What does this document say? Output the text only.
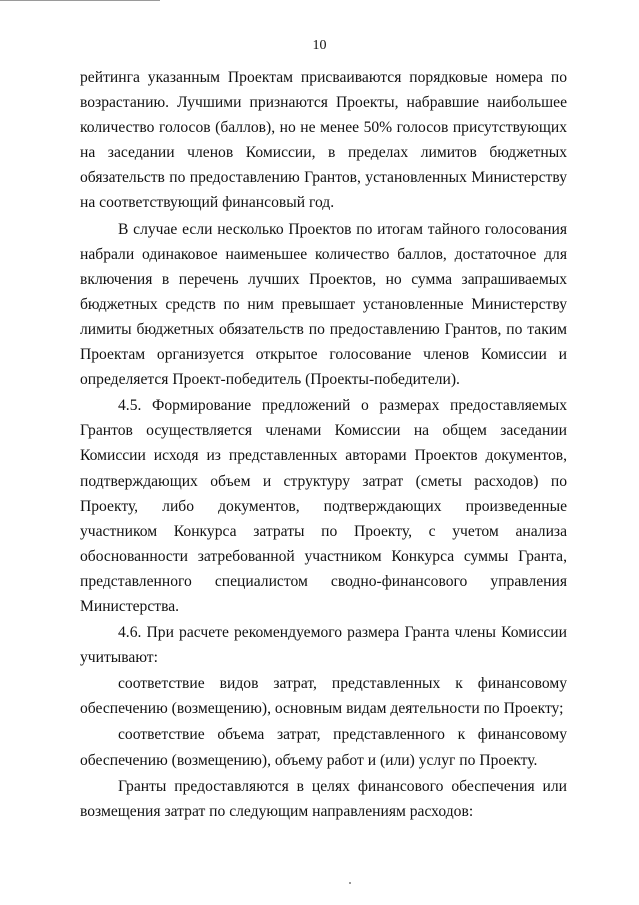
10

рейтинга указанным Проектам присваиваются порядковые номера по возрастанию. Лучшими признаются Проекты, набравшие наибольшее количество голосов (баллов), но не менее 50% голосов присутствующих на заседании членов Комиссии, в пределах лимитов бюджетных обязательств по предоставлению Грантов, установленных Министерству на соответствующий финансовый год.

В случае если несколько Проектов по итогам тайного голосования набрали одинаковое наименьшее количество баллов, достаточное для включения в перечень лучших Проектов, но сумма запрашиваемых бюджетных средств по ним превышает установленные Министерству лимиты бюджетных обязательств по предоставлению Грантов, по таким Проектам организуется открытое голосование членов Комиссии и определяется Проект-победитель (Проекты-победители).

4.5. Формирование предложений о размерах предоставляемых Грантов осуществляется членами Комиссии на общем заседании Комиссии исходя из представленных авторами Проектов документов, подтверждающих объем и структуру затрат (сметы расходов) по Проекту, либо документов, подтверждающих произведенные участником Конкурса затраты по Проекту, с учетом анализа обоснованности затребованной участником Конкурса суммы Гранта, представленного специалистом сводно-финансового управления Министерства.

4.6. При расчете рекомендуемого размера Гранта члены Комиссии учитывают:

соответствие видов затрат, представленных к финансовому обеспечению (возмещению), основным видам деятельности по Проекту;

соответствие объема затрат, представленного к финансовому обеспечению (возмещению), объему работ и (или) услуг по Проекту.

Гранты предоставляются в целях финансового обеспечения или возмещения затрат по следующим направлениям расходов:
